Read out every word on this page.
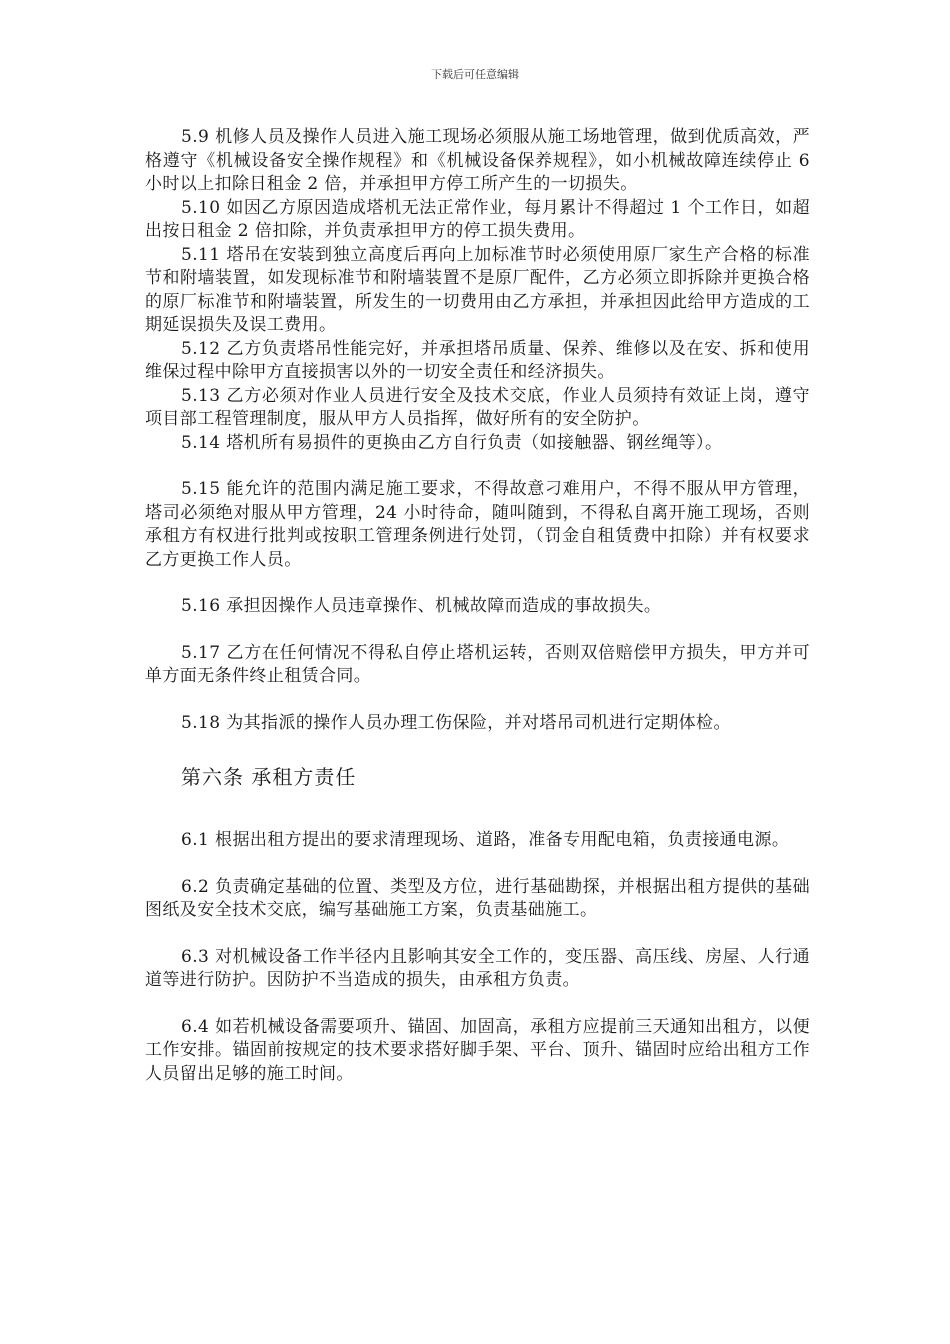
下载后可任意编辑

5.9 机修人员及操作人员进入施工现场必须服从施工场地管理，做到优质高效，严格遵守《机械设备安全操作规程》和《机械设备保养规程》，如小机械故障连续停止 6 小时以上扣除日租金 2 倍，并承担甲方停工所产生的一切损失。

5.10 如因乙方原因造成塔机无法正常作业，每月累计不得超过 1 个工作日，如超出按日租金 2 倍扣除，并负责承担甲方的停工损失费用。

5.11 塔吊在安装到独立高度后再向上加标准节时必须使用原厂家生产合格的标准节和附墙装置，如发现标准节和附墙装置不是原厂配件，乙方必须立即拆除并更换合格的原厂标准节和附墙装置，所发生的一切费用由乙方承担，并承担因此给甲方造成的工期延误损失及误工费用。

5.12 乙方负责塔吊性能完好，并承担塔吊质量、保养、维修以及在安、拆和使用维保过程中除甲方直接损害以外的一切安全责任和经济损失。

5.13 乙方必须对作业人员进行安全及技术交底，作业人员须持有效证上岗，遵守项目部工程管理制度，服从甲方人员指挥，做好所有的安全防护。

5.14 塔机所有易损件的更换由乙方自行负责（如接触器、钢丝绳等）。

5.15 能允许的范围内满足施工要求，不得故意刁难用户，不得不服从甲方管理，塔司必须绝对服从甲方管理，24 小时待命，随叫随到，不得私自离开施工现场，否则承租方有权进行批判或按职工管理条例进行处罚，（罚金自租赁费中扣除）并有权要求乙方更换工作人员。

5.16 承担因操作人员违章操作、机械故障而造成的事故损失。

5.17 乙方在任何情况不得私自停止塔机运转，否则双倍赔偿甲方损失，甲方并可单方面无条件终止租赁合同。

5.18 为其指派的操作人员办理工伤保险，并对塔吊司机进行定期体检。

第六条 承租方责任

6.1 根据出租方提出的要求清理现场、道路，准备专用配电箱，负责接通电源。

6.2 负责确定基础的位置、类型及方位，进行基础勘探，并根据出租方提供的基础图纸及安全技术交底，编写基础施工方案，负责基础施工。

6.3 对机械设备工作半径内且影响其安全工作的，变压器、高压线、房屋、人行通道等进行防护。因防护不当造成的损失，由承租方负责。

6.4 如若机械设备需要项升、锚固、加固高，承租方应提前三天通知出租方，以便工作安排。锚固前按规定的技术要求搭好脚手架、平台、顶升、锚固时应给出租方工作人员留出足够的施工时间。
